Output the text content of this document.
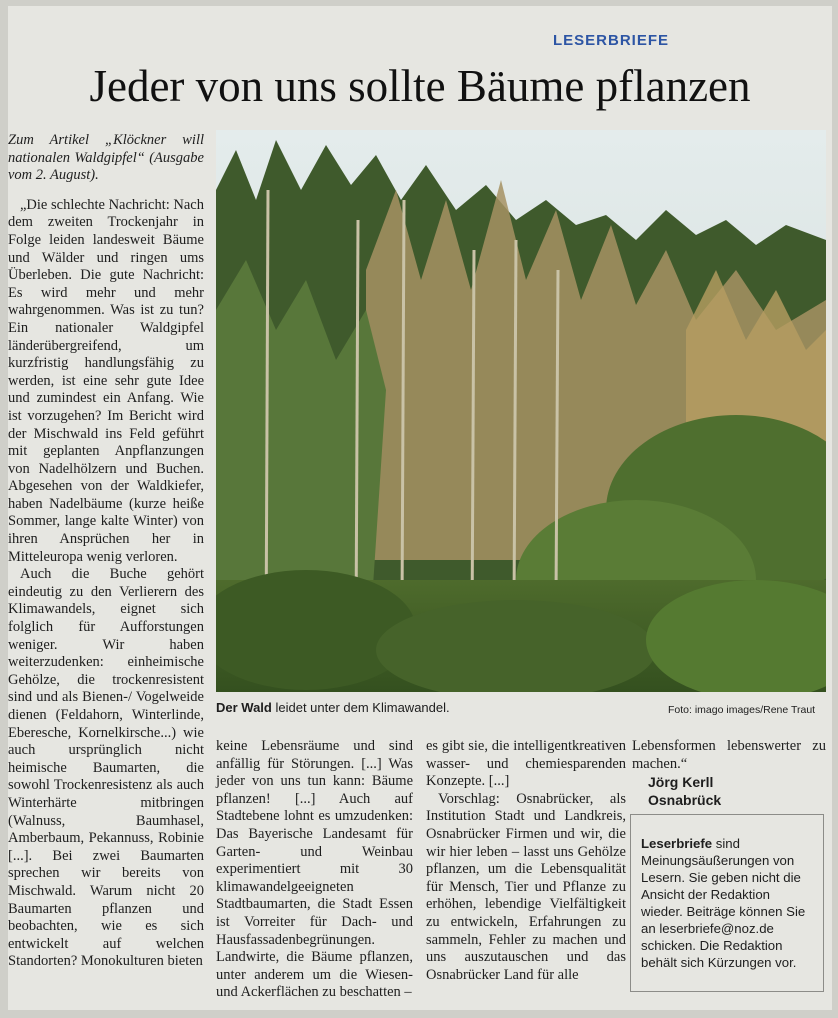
LESERBRIEFE
Jeder von uns sollte Bäume pflanzen

Zum Artikel „Klöckner will nationalen Waldgipfel“ (Ausgabe vom 2. August).

„Die schlechte Nachricht: Nach dem zweiten Trockenjahr in Folge leiden landesweit Bäume und Wälder und ringen ums Überleben. Die gute Nachricht: Es wird mehr und mehr wahrgenommen. Was ist zu tun? Ein nationaler Waldgipfel länderübergreifend, um kurzfristig handlungsfähig zu werden, ist eine sehr gute Idee und zumindest ein Anfang. Wie ist vorzugehen? Im Bericht wird der Mischwald ins Feld geführt mit geplanten Anpflanzungen von Nadelhölzern und Buchen. Abgesehen von der Waldkiefer, haben Nadelbäume (kurze heiße Sommer, lange kalte Winter) von ihren Ansprüchen her in Mitteleuropa wenig verloren.

Auch die Buche gehört eindeutig zu den Verlierern des Klimawandels, eignet sich folglich für Aufforstungen weniger. Wir haben weiterzudenken: einheimische Gehölze, die trockenresistent sind und als Bienen-/ Vogelweide dienen (Feldahorn, Winterlinde, Eberesche, Kornelkirsche...) wie auch ursprünglich nicht heimische Baumarten, die sowohl Trockenresistenz als auch Winterhärte mitbringen (Walnuss, Baumhasel, Amberbaum, Pekannuss, Robinie [...]. Bei zwei Baumarten sprechen wir bereits von Mischwald. Warum nicht 20 Baumarten pflanzen und beobachten, wie es sich entwickelt auf welchen Standorten? Monokulturen bieten

Der Wald leidet unter dem Klimawandel.	Foto: imago images/Rene Traut

keine Lebensräume und sind anfällig für Störungen. [...] Was jeder von uns tun kann: Bäume pflanzen! [...] Auch auf Stadtebene lohnt es umzudenken: Das Bayerische Landesamt für Garten- und Weinbau experimentiert mit 30 klimawandelgeeigneten Stadtbaumarten, die Stadt Essen ist Vorreiter für Dach- und Hausfassadenbegrünungen. Landwirte, die Bäume pflanzen, unter anderem um die Wiesen- und Ackerflächen zu beschatten –

es gibt sie, die intelligentkreativen wasser- und chemiesparenden Konzepte. [...]

Vorschlag: Osnabrücker, als Institution Stadt und Landkreis, Osnabrücker Firmen und wir, die wir hier leben – lasst uns Gehölze pflanzen, um die Lebensqualität für Mensch, Tier und Pflanze zu erhöhen, lebendige Vielfältigkeit zu entwickeln, Erfahrungen zu sammeln, Fehler zu machen und uns auszutauschen und das Osnabrücker Land für alle

Lebensformen lebenswerter zu machen.“

Jörg Kerll
Osnabrück
Leserbriefe sind Meinungsäußerungen von Lesern. Sie geben nicht die Ansicht der Redaktion wieder. Beiträge können Sie an leserbriefe@noz.de schicken. Die Redaktion behält sich Kürzungen vor.
